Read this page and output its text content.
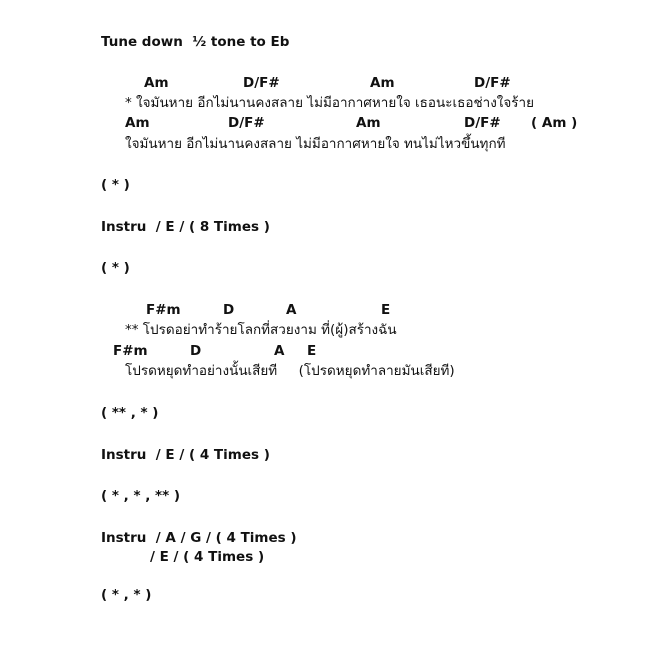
Tune down  ½ tone to Eb

Am	D/F#	Am	D/F#

* ใจมันหาย อีกไม่นานคงสลาย ไม่มีอากาศหายใจ เธอนะเธอช่างใจร้าย

Am	D/F#	Am	D/F# ( Am )

ใจมันหาย อีกไม่นานคงสลาย ไม่มีอากาศหายใจ ทนไม่ไหวขึ้นทุกที

( * )

Instru  / E / ( 8 Times )

( * )

F#m	D	A	E

** โปรดอย่าทำร้ายโลกที่สวยงาม ที่(ผู้)สร้างฉัน

F#m	D	A E

โปรดหยุดทำอย่างนั้นเสียที     (โปรดหยุดทำลายมันเสียที)

( ** , * )

Instru  / E / ( 4 Times )

( * , * , ** )

Instru  / A / G / ( 4 Times )

/ E / ( 4 Times )

( * , * )
